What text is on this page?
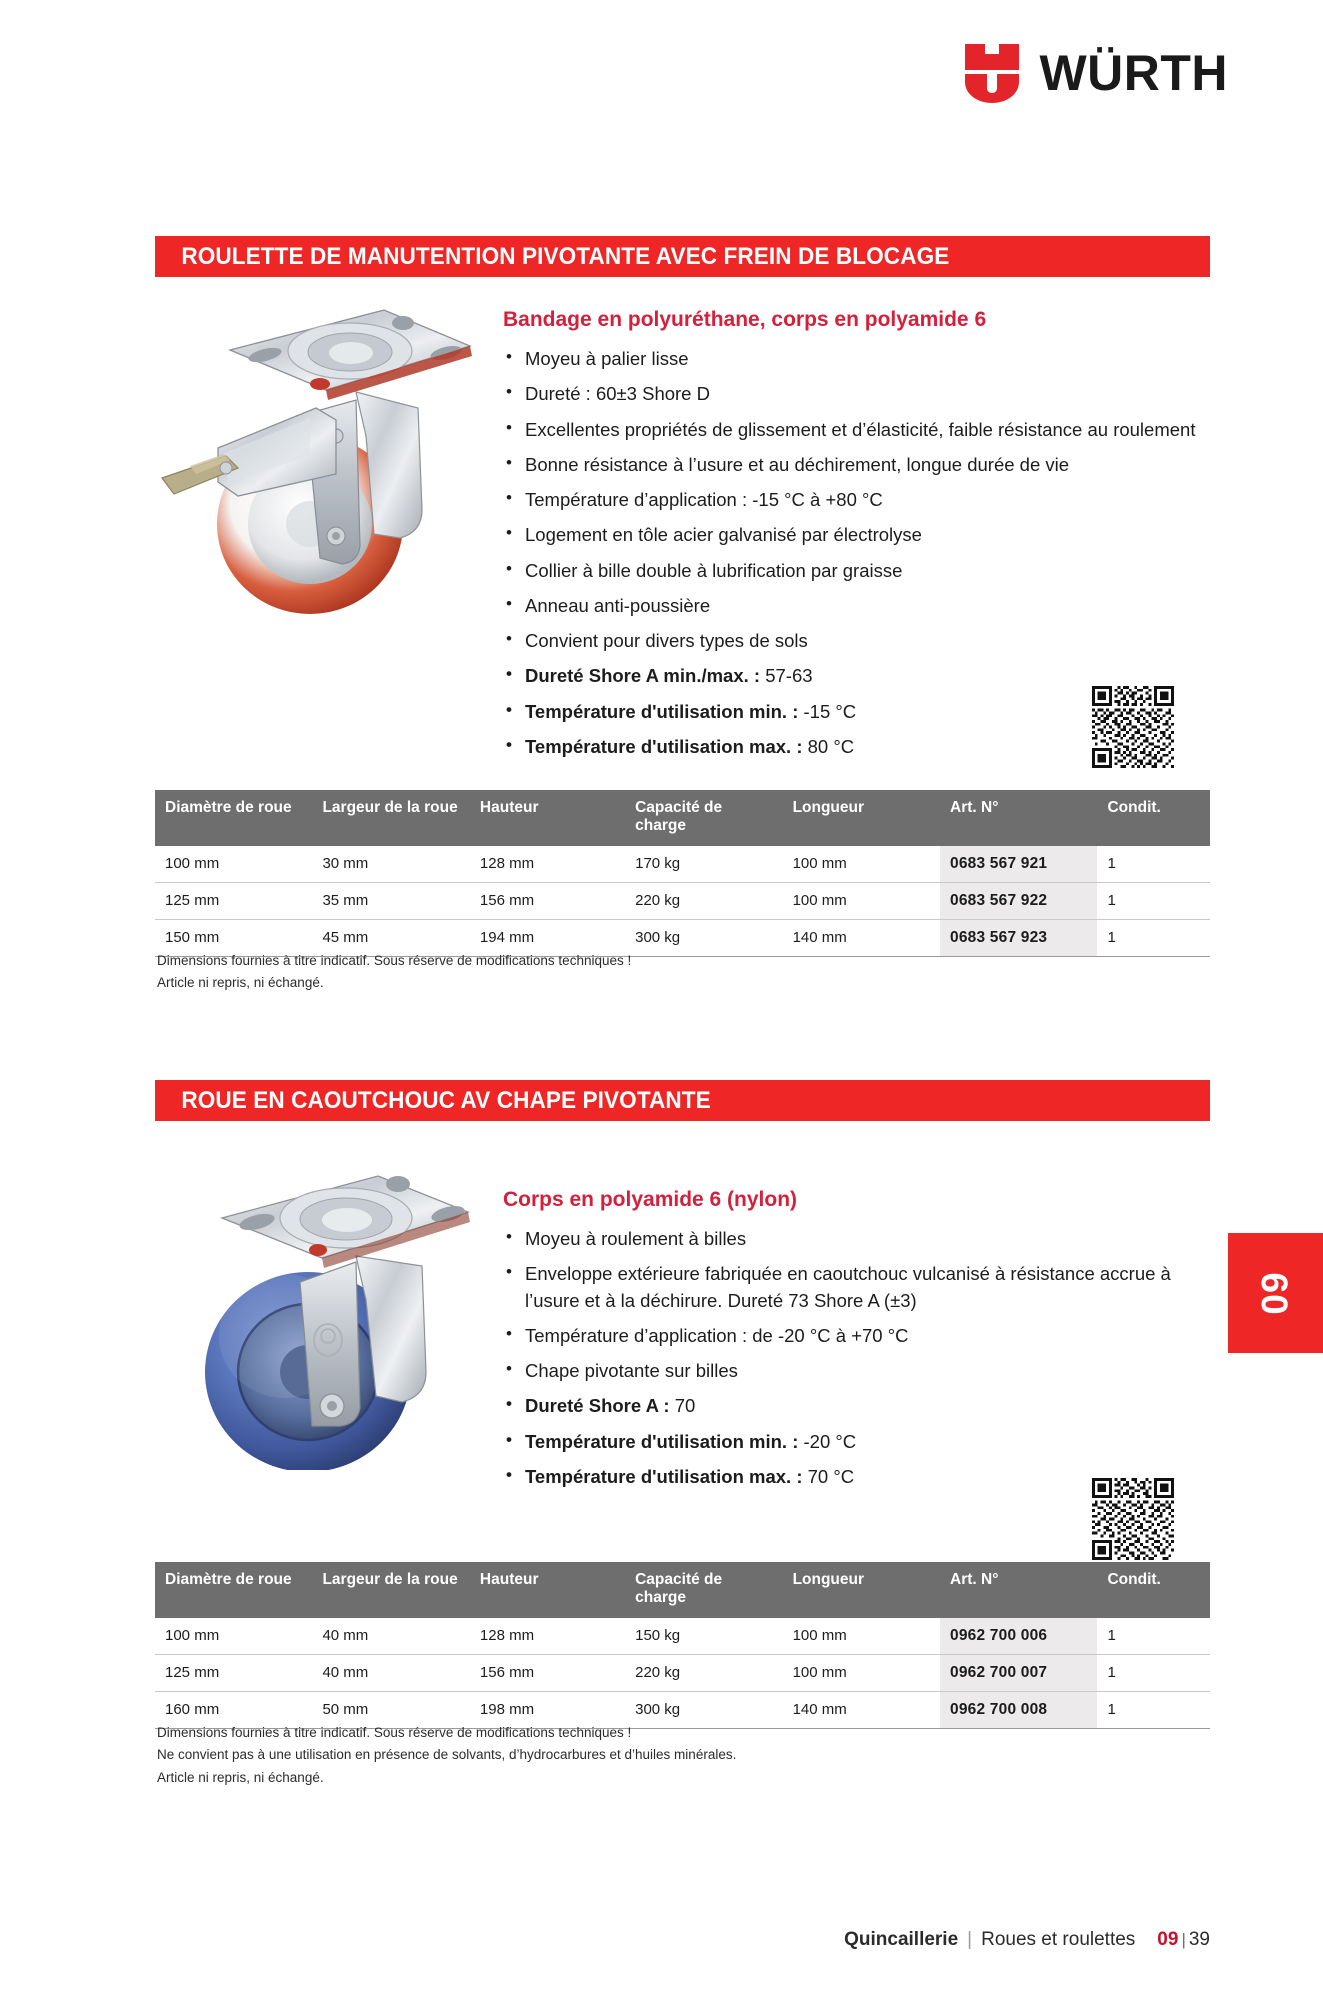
WÜRTH
ROULETTE DE MANUTENTION PIVOTANTE AVEC FREIN DE BLOCAGE
Bandage en polyuréthane, corps en polyamide 6
• Moyeu à palier lisse
• Dureté : 60±3 Shore D
• Excellentes propriétés de glissement et d’élasticité, faible résistance au roulement
• Bonne résistance à l’usure et au déchirement, longue durée de vie
• Température d’application : -15 °C à +80 °C
• Logement en tôle acier galvanisé par électrolyse
• Collier à bille double à lubrification par graisse
• Anneau anti-poussière
• Convient pour divers types de sols
• Dureté Shore A min./max. : 57-63
• Température d'utilisation min. : -15 °C
• Température d'utilisation max. : 80 °C
Diamètre de roue	Largeur de la roue	Hauteur	Capacité de charge	Longueur	Art. N°	Condit.
100 mm	30 mm	128 mm	170 kg	100 mm	0683 567 921	1
125 mm	35 mm	156 mm	220 kg	100 mm	0683 567 922	1
150 mm	45 mm	194 mm	300 kg	140 mm	0683 567 923	1

Dimensions fournies à titre indicatif. Sous réserve de modifications techniques !

Article ni repris, ni échangé.

ROUE EN CAOUTCHOUC AV CHAPE PIVOTANTE
Corps en polyamide 6 (nylon)
• Moyeu à roulement à billes
• Enveloppe extérieure fabriquée en caoutchouc vulcanisé à résistance accrue à l’usure et à la déchirure. Dureté 73 Shore A (±3)
• Température d’application : de -20 °C à +70 °C
• Chape pivotante sur billes
• Dureté Shore A : 70
• Température d'utilisation min. : -20 °C
• Température d'utilisation max. : 70 °C
Diamètre de roue	Largeur de la roue	Hauteur	Capacité de charge	Longueur	Art. N°	Condit.
100 mm	40 mm	128 mm	150 kg	100 mm	0962 700 006	1
125 mm	40 mm	156 mm	220 kg	100 mm	0962 700 007	1
160 mm	50 mm	198 mm	300 kg	140 mm	0962 700 008	1

Dimensions fournies à titre indicatif. Sous réserve de modifications techniques !

Ne convient pas à une utilisation en présence de solvants, d’hydrocarbures et d’huiles minérales.

Article ni repris, ni échangé.

09
Quincaillerie | Roues et roulettes	09 | 39
